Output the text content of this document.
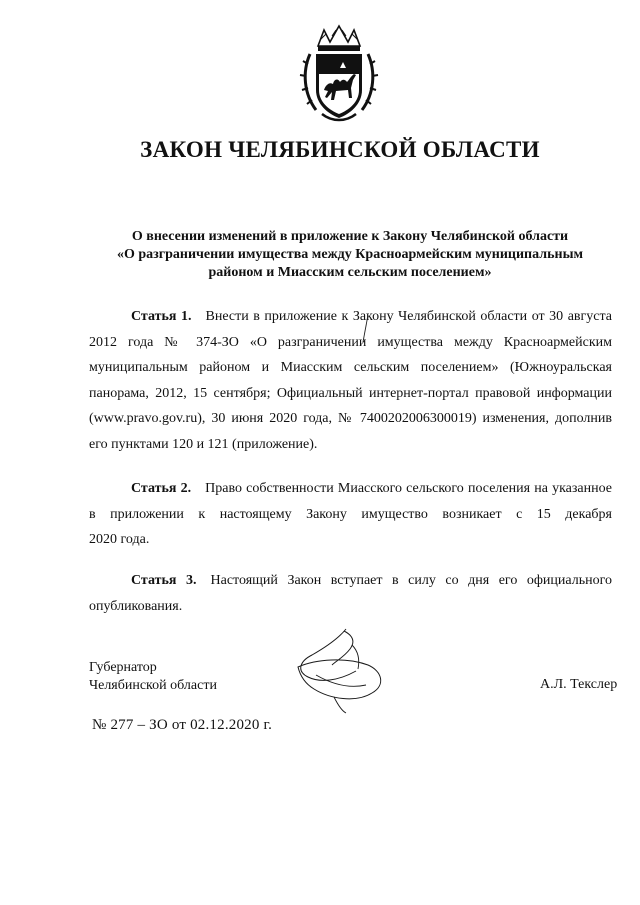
ЗАКОН ЧЕЛЯБИНСКОЙ ОБЛАСТИ
О внесении изменений в приложение к Закону Челябинской области
«О разграничении имущества между Красноармейским муниципальным
районом и Миасским сельским поселением»
Статья 1. Внести в приложение к Закону Челябинской области от 30 августа
2012 года № 374-ЗО «О разграничении имущества между Красноармейским
муниципальным районом и Миасским сельским поселением» (Южноуральская
панорама, 2012, 15 сентября; Официальный интернет-портал правовой информации
(www.pravo.gov.ru), 30 июня 2020 года, № 7400202006300019) изменения, дополнив
его пунктами 120 и 121 (приложение).
Статья 2. Право собственности Миасского сельского поселения на указанное
в приложении к настоящему Закону имущество возникает с 15 декабря
2020 года.
Статья 3. Настоящий Закон вступает в силу со дня его официального
опубликования.
Губернатор
Челябинской области	А.Л. Текслер
№ 277 – ЗО от 02.12.2020 г.
